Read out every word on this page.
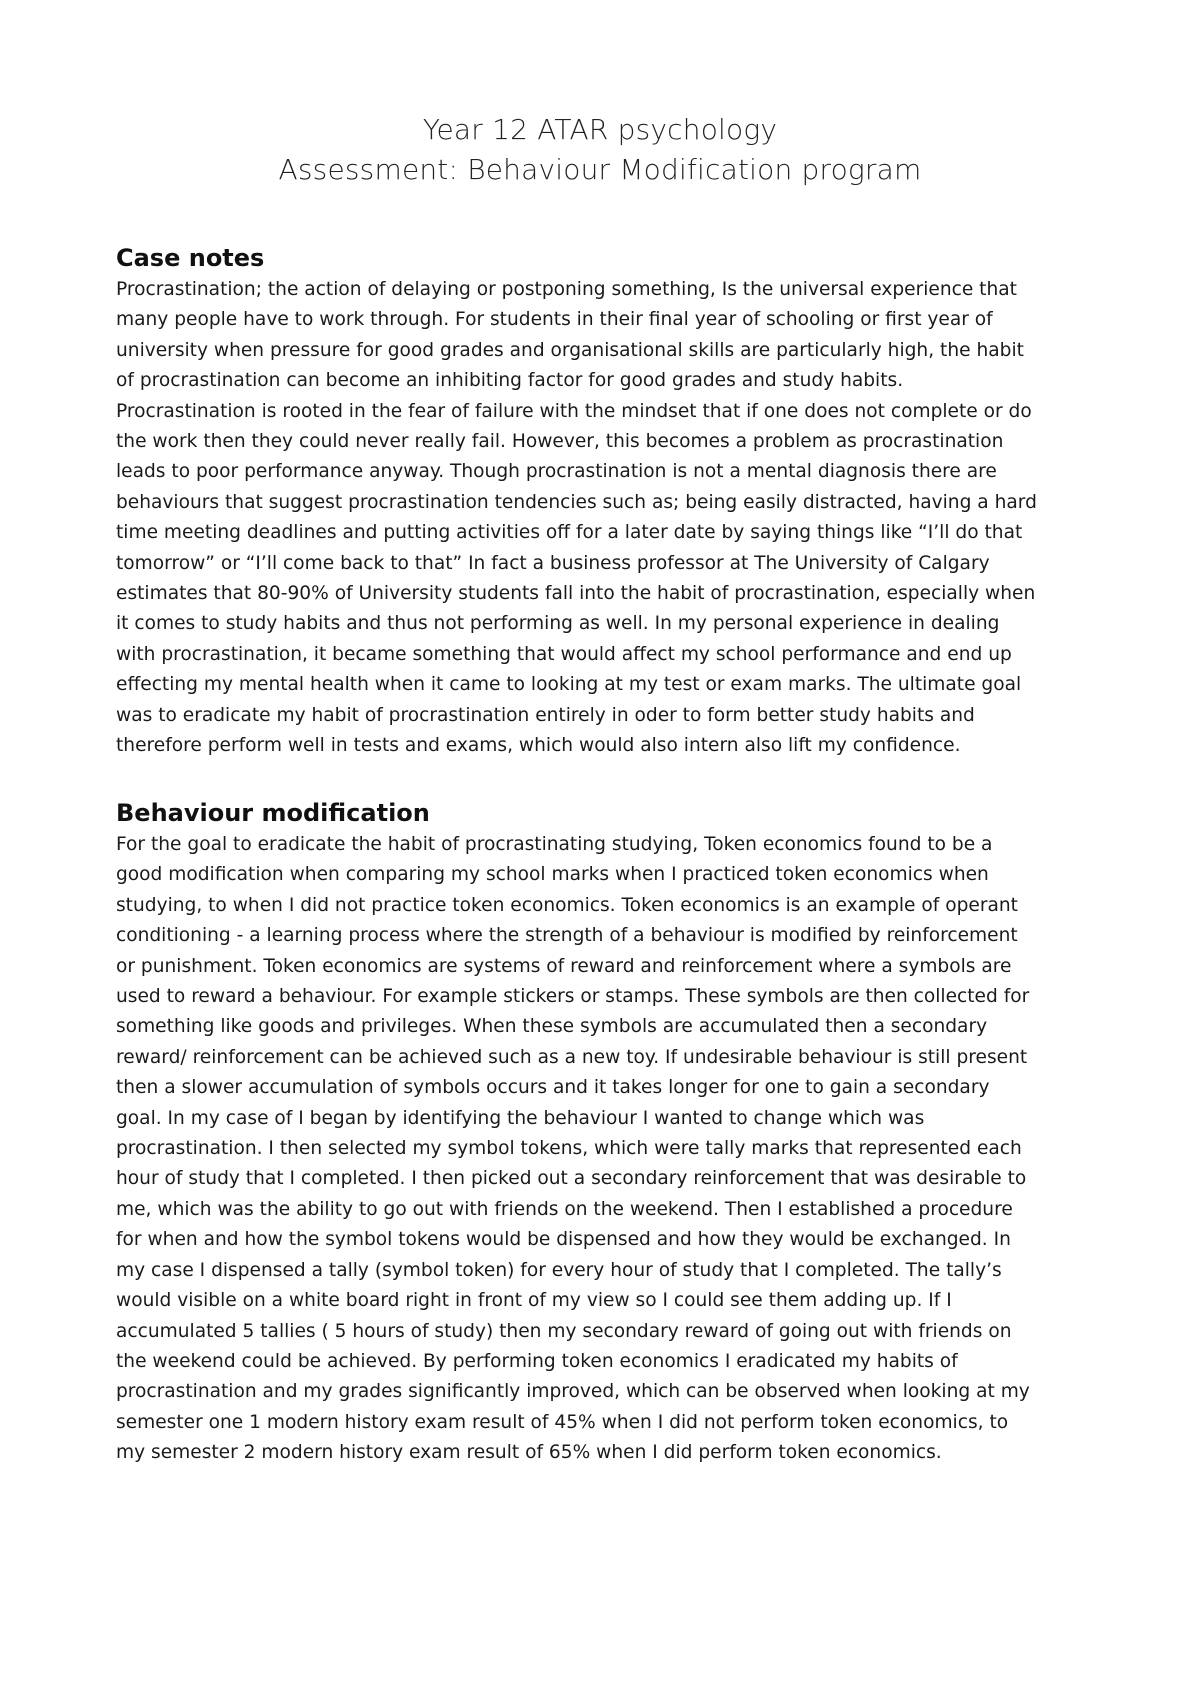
Year 12 ATAR psychology
Assessment: Behaviour Modification program
Case notes
Procrastination; the action of delaying or postponing something, Is the universal experience that
many people have to work through. For students in their final year of schooling or first year of
university when pressure for good grades and organisational skills are particularly high, the habit
of procrastination can become an inhibiting factor for good grades and study habits.
Procrastination is rooted in the fear of failure with the mindset that if one does not complete or do
the work then they could never really fail. However, this becomes a problem as procrastination
leads to poor performance anyway. Though procrastination is not a mental diagnosis there are
behaviours that suggest procrastination tendencies such as; being easily distracted, having a hard
time meeting deadlines and putting activities off for a later date by saying things like “I’ll do that
tomorrow” or “I’ll come back to that” In fact a business professor at The University of Calgary
estimates that 80-90% of University students fall into the habit of procrastination, especially when
it comes to study habits and thus not performing as well. In my personal experience in dealing
with procrastination, it became something that would affect my school performance and end up
effecting my mental health when it came to looking at my test or exam marks. The ultimate goal
was to eradicate my habit of procrastination entirely in oder to form better study habits and
therefore perform well in tests and exams, which would also intern also lift my confidence.
Behaviour modification
For the goal to eradicate the habit of procrastinating studying, Token economics found to be a
good modification when comparing my school marks when I practiced token economics when
studying, to when I did not practice token economics. Token economics is an example of operant
conditioning - a learning process where the strength of a behaviour is modified by reinforcement
or punishment. Token economics are systems of reward and reinforcement where a symbols are
used to reward a behaviour. For example stickers or stamps. These symbols are then collected for
something like goods and privileges. When these symbols are accumulated then a secondary
reward/ reinforcement can be achieved such as a new toy. If undesirable behaviour is still present
then a slower accumulation of symbols occurs and it takes longer for one to gain a secondary
goal. In my case of I began by identifying the behaviour I wanted to change which was
procrastination. I then selected my symbol tokens, which were tally marks that represented each
hour of study that I completed. I then picked out a secondary reinforcement that was desirable to
me, which was the ability to go out with friends on the weekend. Then I established a procedure
for when and how the symbol tokens would be dispensed and how they would be exchanged. In
my case I dispensed a tally (symbol token) for every hour of study that I completed. The tally’s
would visible on a white board right in front of my view so I could see them adding up. If I
accumulated 5 tallies ( 5 hours of study) then my secondary reward of going out with friends on
the weekend could be achieved. By performing token economics I eradicated my habits of
procrastination and my grades significantly improved, which can be observed when looking at my
semester one 1 modern history exam result of 45% when I did not perform token economics, to
my semester 2 modern history exam result of 65% when I did perform token economics.
